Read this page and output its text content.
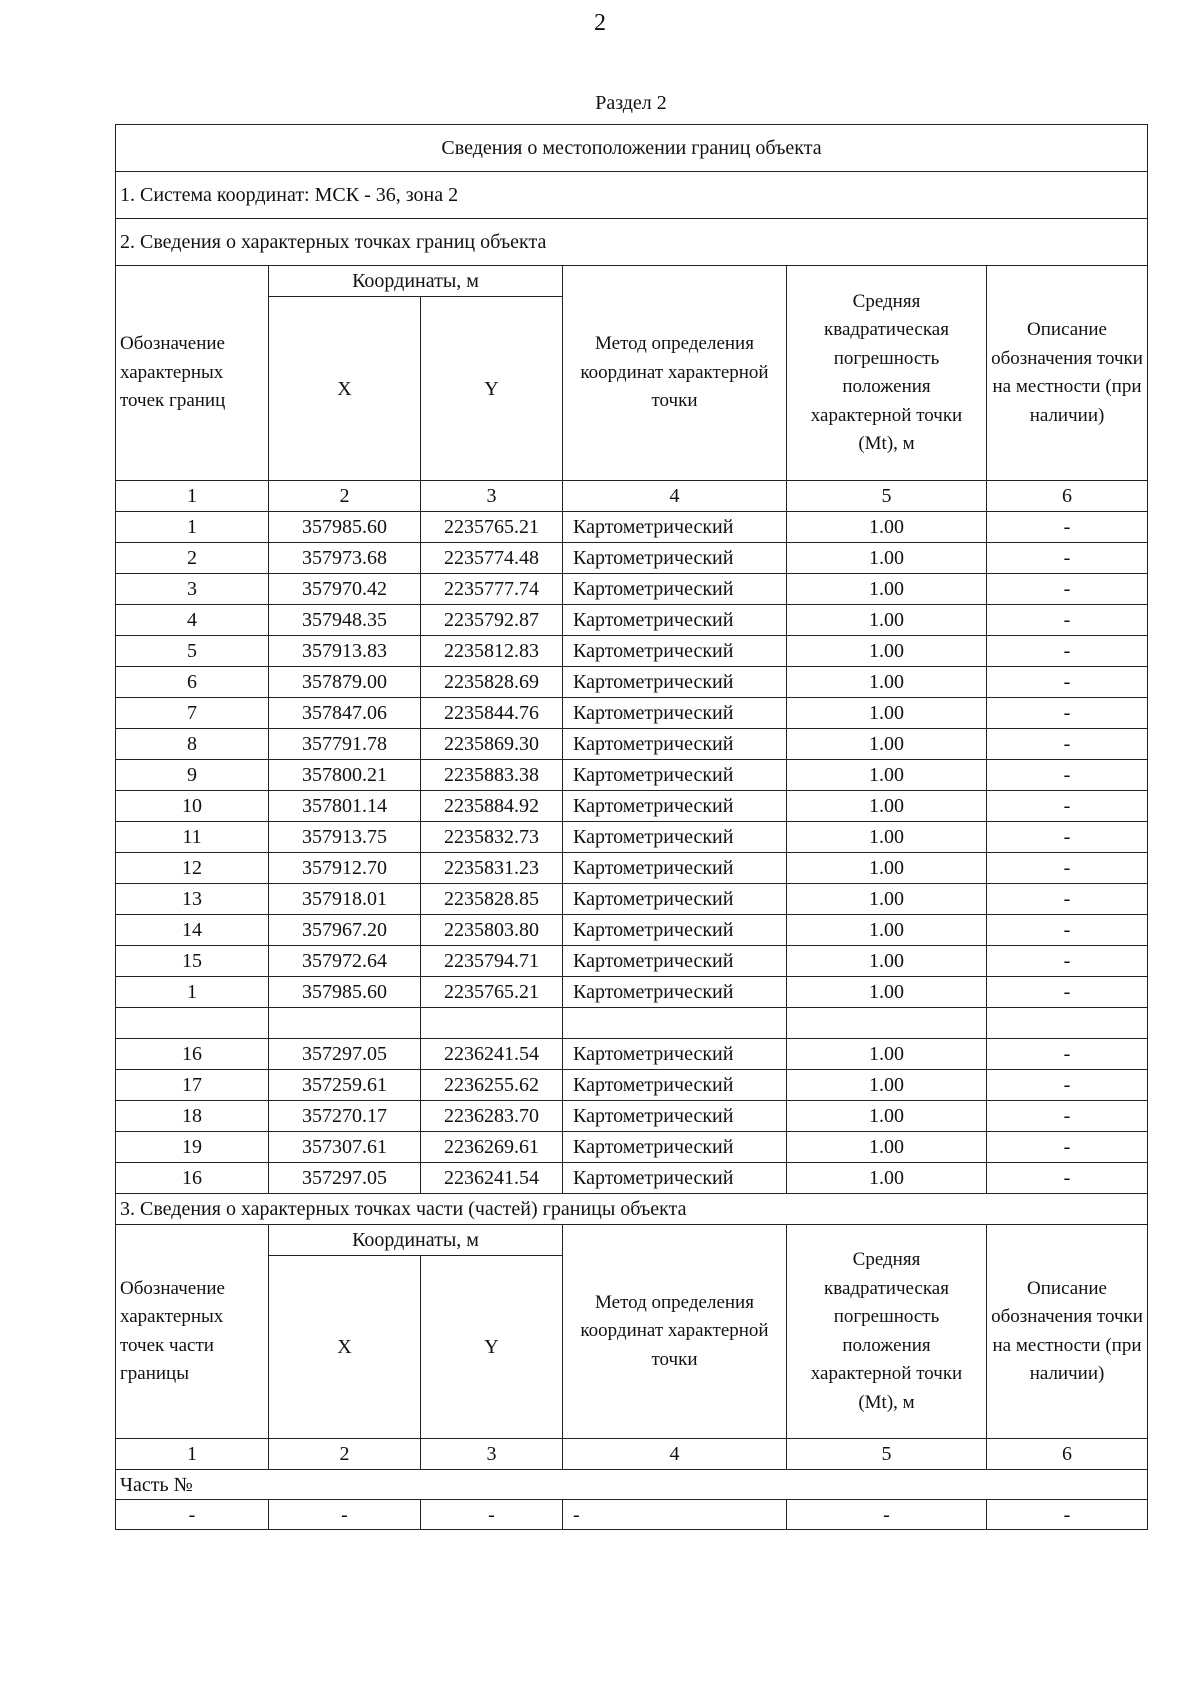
2
Раздел 2
Сведения о местоположении границ объекта					
1. Система координат: МСК - 36, зона 2					
2. Сведения о характерных точках границ объекта					
Обозначение характерных точек границ	Координаты, м		Метод определения координат характерной точки	Средняя квадратическая погрешность положения характерной точки (Mt), м	Описание обозначения точки на местности (при наличии)
	X	Y			
1	2	3	4	5	6
1	357985.60	2235765.21	Картометрический	1.00	-
2	357973.68	2235774.48	Картометрический	1.00	-
3	357970.42	2235777.74	Картометрический	1.00	-
4	357948.35	2235792.87	Картометрический	1.00	-
5	357913.83	2235812.83	Картометрический	1.00	-
6	357879.00	2235828.69	Картометрический	1.00	-
7	357847.06	2235844.76	Картометрический	1.00	-
8	357791.78	2235869.30	Картометрический	1.00	-
9	357800.21	2235883.38	Картометрический	1.00	-
10	357801.14	2235884.92	Картометрический	1.00	-
11	357913.75	2235832.73	Картометрический	1.00	-
12	357912.70	2235831.23	Картометрический	1.00	-
13	357918.01	2235828.85	Картометрический	1.00	-
14	357967.20	2235803.80	Картометрический	1.00	-
15	357972.64	2235794.71	Картометрический	1.00	-
1	357985.60	2235765.21	Картометрический	1.00	-

16	357297.05	2236241.54	Картометрический	1.00	-
17	357259.61	2236255.62	Картометрический	1.00	-
18	357270.17	2236283.70	Картометрический	1.00	-
19	357307.61	2236269.61	Картометрический	1.00	-
16	357297.05	2236241.54	Картометрический	1.00	-
3. Сведения о характерных точках части (частей) границы объекта					
Обозначение характерных точек части границы	Координаты, м		Метод определения координат характерной точки	Средняя квадратическая погрешность положения характерной точки (Mt), м	Описание обозначения точки на местности (при наличии)
	X	Y			
1	2	3	4	5	6
Часть №					
-	-	-	-	-	-
